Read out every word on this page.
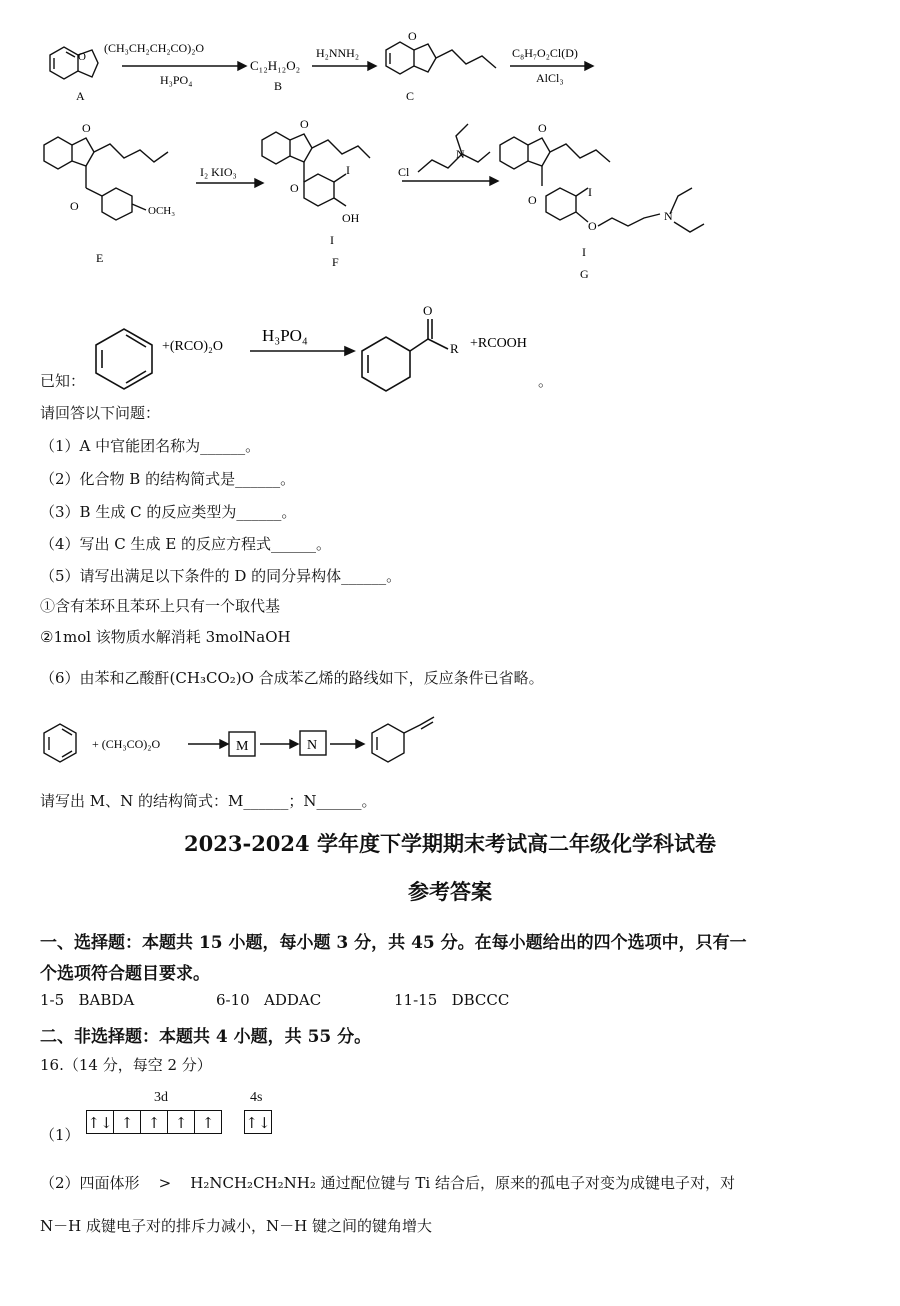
(CH₃CH₂CH₂CO)₂O
H₃PO₄
C₁₂H₁₂O₂
B
H₂NNH₂
O
C₈H₇O₂Cl(D)
AlCl₃
A
O
C
O
O	OCH₃
E
I₂ KIO₃
O
O
I
OH
I
F
Cl
N
O
O
I
O
N
I
G
+(RCO)₂O
H₃PO₄
O
R +RCOOH
已知：	。
请回答以下问题：
（1）A 中官能团名称为______。
（2）化合物 B 的结构简式是______。
（3）B 生成 C 的反应类型为______。
（4）写出 C 生成 E 的反应方程式______。
（5）请写出满足以下条件的 D 的同分异构体______。
①含有苯环且苯环上只有一个取代基
②1mol 该物质水解消耗 3molNaOH
（6）由苯和乙酸酐(CH₃CO₂)O 合成苯乙烯的路线如下，反应条件已省略。
+ (CH₃CO)₂O	M	N
请写出 M、N 的结构简式：M______；N______。
2023-2024 学年度下学期期末考试高二年级化学科试卷
参考答案
一、选择题：本题共 15 小题，每小题 3 分，共 45 分。在每小题给出的四个选项中，只有一
个选项符合题目要求。
1-5 BABDA	6-10 ADDAC	11-15 DBCCC
二、非选择题：本题共 4 小题，共 55 分。
16.（14 分，每空 2 分）
3d	4s
（1）
↑↓ ↑ ↑ ↑ ↑	↑↓
（2）四面体形 > H₂NCH₂CH₂NH₂ 通过配位键与 Ti 结合后，原来的孤电子对变为成键电子对，对
N－H 成键电子对的排斥力减小，N－H 键之间的键角增大
